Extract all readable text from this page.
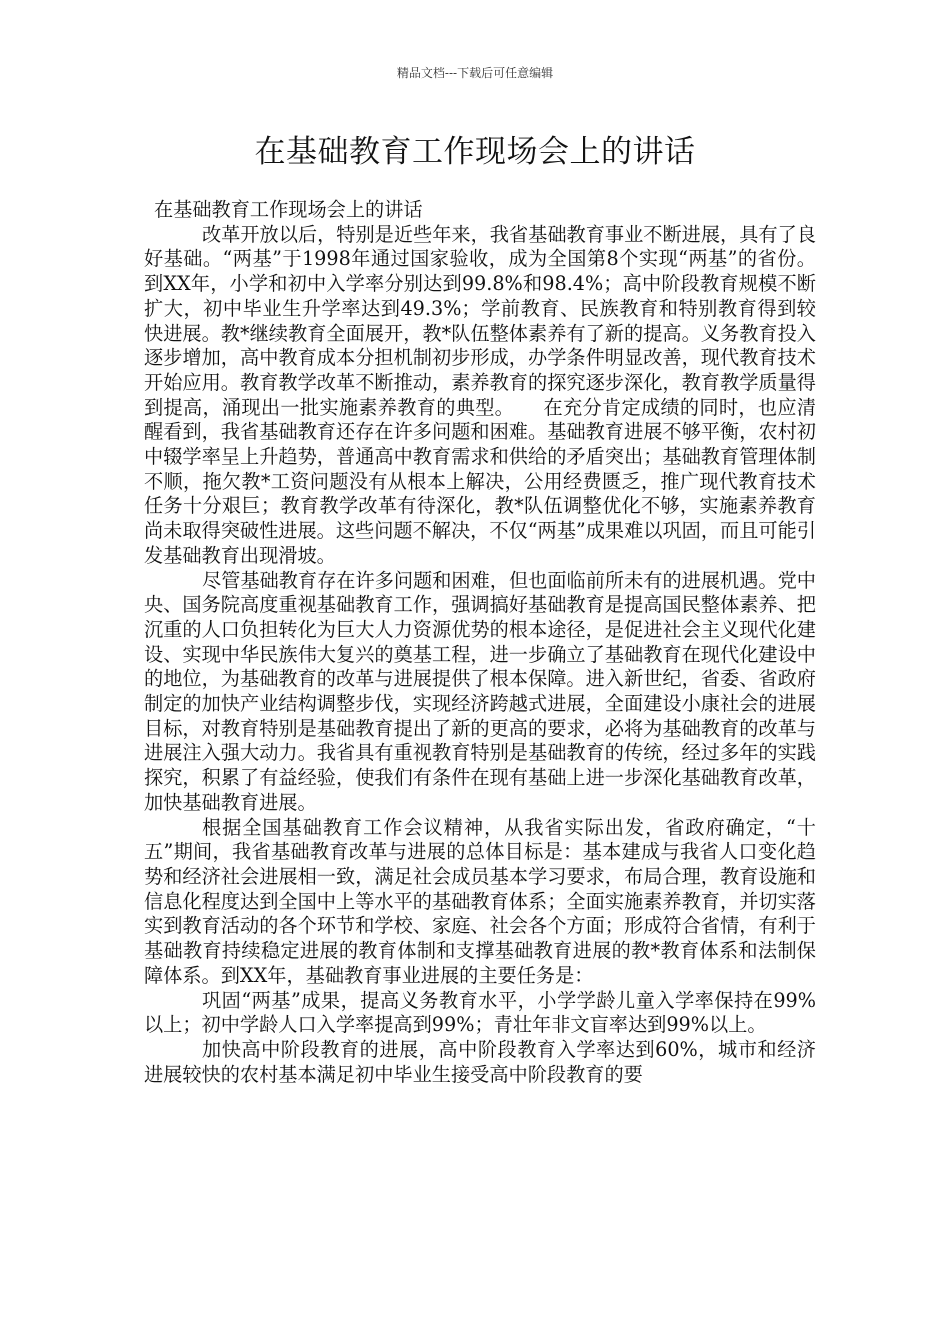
精品文档---下载后可任意编辑
在基础教育工作现场会上的讲话

在基础教育工作现场会上的讲话

改革开放以后，特别是近些年来，我省基础教育事业不断进展，具有了良好基础。“两基”于1998年通过国家验收，成为全国第8个实现“两基”的省份。到XX年，小学和初中入学率分别达到99.8%和98.4%；高中阶段教育规模不断扩大，初中毕业生升学率达到49.3%；学前教育、民族教育和特别教育得到较快进展。教*继续教育全面展开，教*队伍整体素养有了新的提高。义务教育投入逐步增加，高中教育成本分担机制初步形成，办学条件明显改善，现代教育技术开始应用。教育教学改革不断推动，素养教育的探究逐步深化，教育教学质量得到提高，涌现出一批实施素养教育的典型。　　在充分肯定成绩的同时，也应清醒看到，我省基础教育还存在许多问题和困难。基础教育进展不够平衡，农村初中辍学率呈上升趋势，普通高中教育需求和供给的矛盾突出；基础教育管理体制不顺，拖欠教*工资问题没有从根本上解决，公用经费匮乏，推广现代教育技术任务十分艰巨；教育教学改革有待深化，教*队伍调整优化不够，实施素养教育尚未取得突破性进展。这些问题不解决，不仅“两基”成果难以巩固，而且可能引发基础教育出现滑坡。

尽管基础教育存在许多问题和困难，但也面临前所未有的进展机遇。党中央、国务院高度重视基础教育工作，强调搞好基础教育是提高国民整体素养、把沉重的人口负担转化为巨大人力资源优势的根本途径，是促进社会主义现代化建设、实现中华民族伟大复兴的奠基工程，进一步确立了基础教育在现代化建设中的地位，为基础教育的改革与进展提供了根本保障。进入新世纪，省委、省政府制定的加快产业结构调整步伐，实现经济跨越式进展，全面建设小康社会的进展目标，对教育特别是基础教育提出了新的更高的要求，必将为基础教育的改革与进展注入强大动力。我省具有重视教育特别是基础教育的传统，经过多年的实践探究，积累了有益经验，使我们有条件在现有基础上进一步深化基础教育改革，加快基础教育进展。

根据全国基础教育工作会议精神，从我省实际出发，省政府确定，“十五”期间，我省基础教育改革与进展的总体目标是：基本建成与我省人口变化趋势和经济社会进展相一致，满足社会成员基本学习要求，布局合理，教育设施和信息化程度达到全国中上等水平的基础教育体系；全面实施素养教育，并切实落实到教育活动的各个环节和学校、家庭、社会各个方面；形成符合省情，有利于基础教育持续稳定进展的教育体制和支撑基础教育进展的教*教育体系和法制保障体系。到XX年，基础教育事业进展的主要任务是：

巩固“两基”成果，提高义务教育水平，小学学龄儿童入学率保持在99%以上；初中学龄人口入学率提高到99%；青壮年非文盲率达到99%以上。

加快高中阶段教育的进展，高中阶段教育入学率达到60%，城市和经济进展较快的农村基本满足初中毕业生接受高中阶段教育的要
